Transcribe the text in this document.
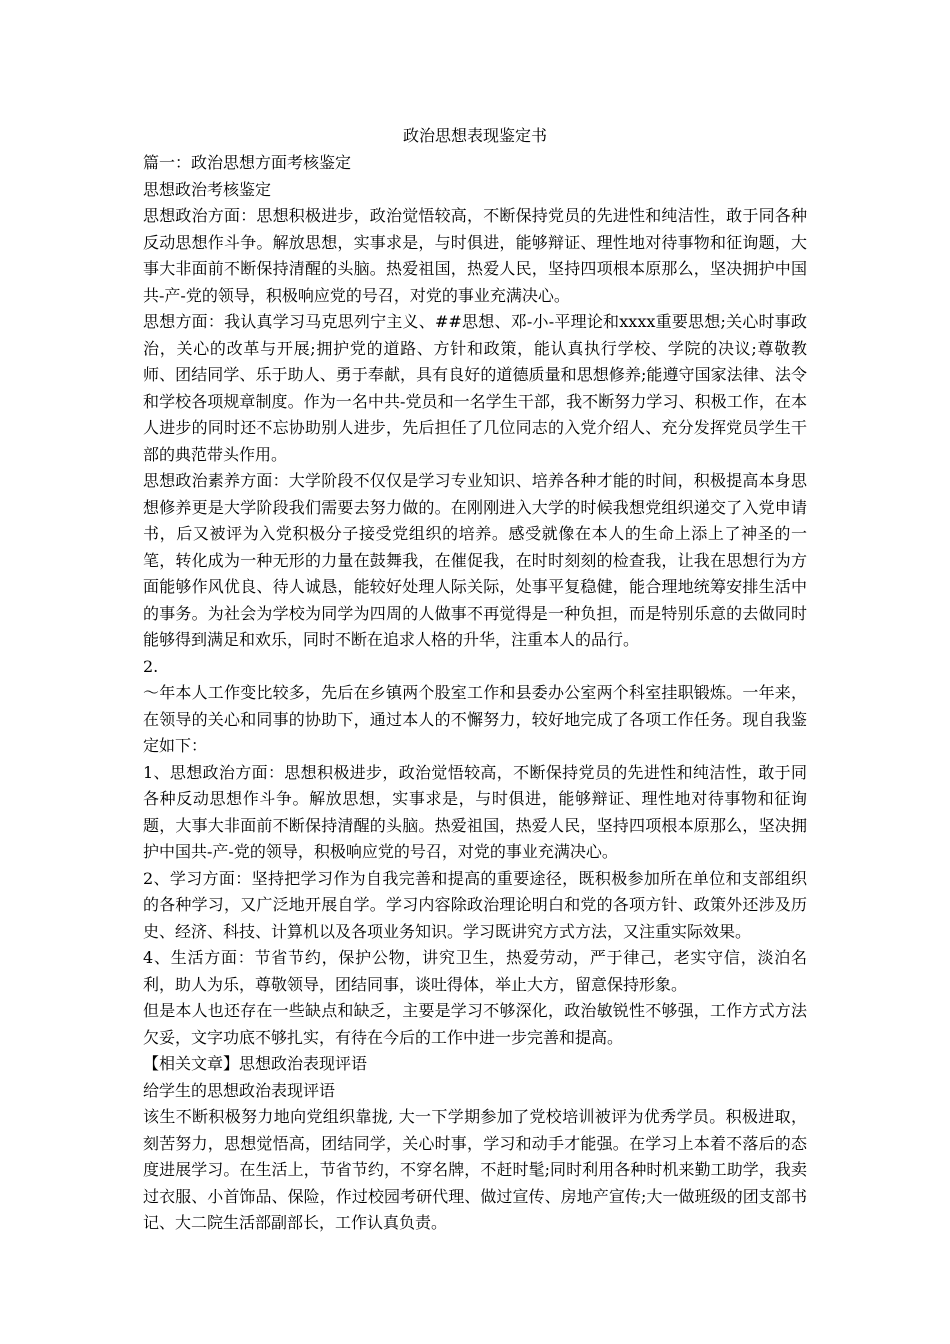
政治思想表现鉴定书

篇一：政治思想方面考核鉴定

思想政治考核鉴定

思想政治方面：思想积极进步，政治觉悟较高，不断保持党员的先进性和纯洁性，敢于同各种反动思想作斗争。解放思想，实事求是，与时俱进，能够辩证、理性地对待事物和征询题，大事大非面前不断保持清醒的头脑。热爱祖国，热爱人民，坚持四项根本原那么，坚决拥护中国共-产-党的领导，积极响应党的号召，对党的事业充满决心。

思想方面：我认真学习马克思列宁主义、##思想、邓-小-平理论和xxxx重要思想;关心时事政治，关心的改革与开展;拥护党的道路、方针和政策，能认真执行学校、学院的决议;尊敬教师、团结同学、乐于助人、勇于奉献，具有良好的道德质量和思想修养;能遵守国家法律、法令和学校各项规章制度。作为一名中共-党员和一名学生干部，我不断努力学习、积极工作，在本人进步的同时还不忘协助别人进步，先后担任了几位同志的入党介绍人、充分发挥党员学生干部的典范带头作用。

思想政治素养方面：大学阶段不仅仅是学习专业知识、培养各种才能的时间，积极提高本身思想修养更是大学阶段我们需要去努力做的。在刚刚进入大学的时候我想党组织递交了入党申请书，后又被评为入党积极分子接受党组织的培养。感受就像在本人的生命上添上了神圣的一笔，转化成为一种无形的力量在鼓舞我，在催促我，在时时刻刻的检查我，让我在思想行为方面能够作风优良、待人诚恳，能较好处理人际关际，处事平复稳健，能合理地统筹安排生活中的事务。为社会为学校为同学为四周的人做事不再觉得是一种负担，而是特别乐意的去做同时能够得到满足和欢乐，同时不断在追求人格的升华，注重本人的品行。

2.

～年本人工作变比较多，先后在乡镇两个股室工作和县委办公室两个科室挂职锻炼。一年来，在领导的关心和同事的协助下，通过本人的不懈努力，较好地完成了各项工作任务。现自我鉴定如下：

1、思想政治方面：思想积极进步，政治觉悟较高，不断保持党员的先进性和纯洁性，敢于同各种反动思想作斗争。解放思想，实事求是，与时俱进，能够辩证、理性地对待事物和征询题，大事大非面前不断保持清醒的头脑。热爱祖国，热爱人民，坚持四项根本原那么，坚决拥护中国共-产-党的领导，积极响应党的号召，对党的事业充满决心。

2、学习方面：坚持把学习作为自我完善和提高的重要途径，既积极参加所在单位和支部组织的各种学习，又广泛地开展自学。学习内容除政治理论明白和党的各项方针、政策外还涉及历史、经济、科技、计算机以及各项业务知识。学习既讲究方式方法，又注重实际效果。

4、生活方面：节省节约，保护公物，讲究卫生，热爱劳动，严于律己，老实守信，淡泊名利，助人为乐，尊敬领导，团结同事，谈吐得体，举止大方，留意保持形象。

但是本人也还存在一些缺点和缺乏，主要是学习不够深化，政治敏锐性不够强，工作方式方法欠妥，文字功底不够扎实，有待在今后的工作中进一步完善和提高。

【相关文章】思想政治表现评语

给学生的思想政治表现评语

该生不断积极努力地向党组织靠拢, 大一下学期参加了党校培训被评为优秀学员。积极进取，刻苦努力，思想觉悟高，团结同学，关心时事，学习和动手才能强。在学习上本着不落后的态度进展学习。在生活上，节省节约，不穿名牌，不赶时髦;同时利用各种时机来勤工助学，我卖过衣服、小首饰品、保险，作过校园考研代理、做过宣传、房地产宣传;大一做班级的团支部书记、大二院生活部副部长，工作认真负责。
